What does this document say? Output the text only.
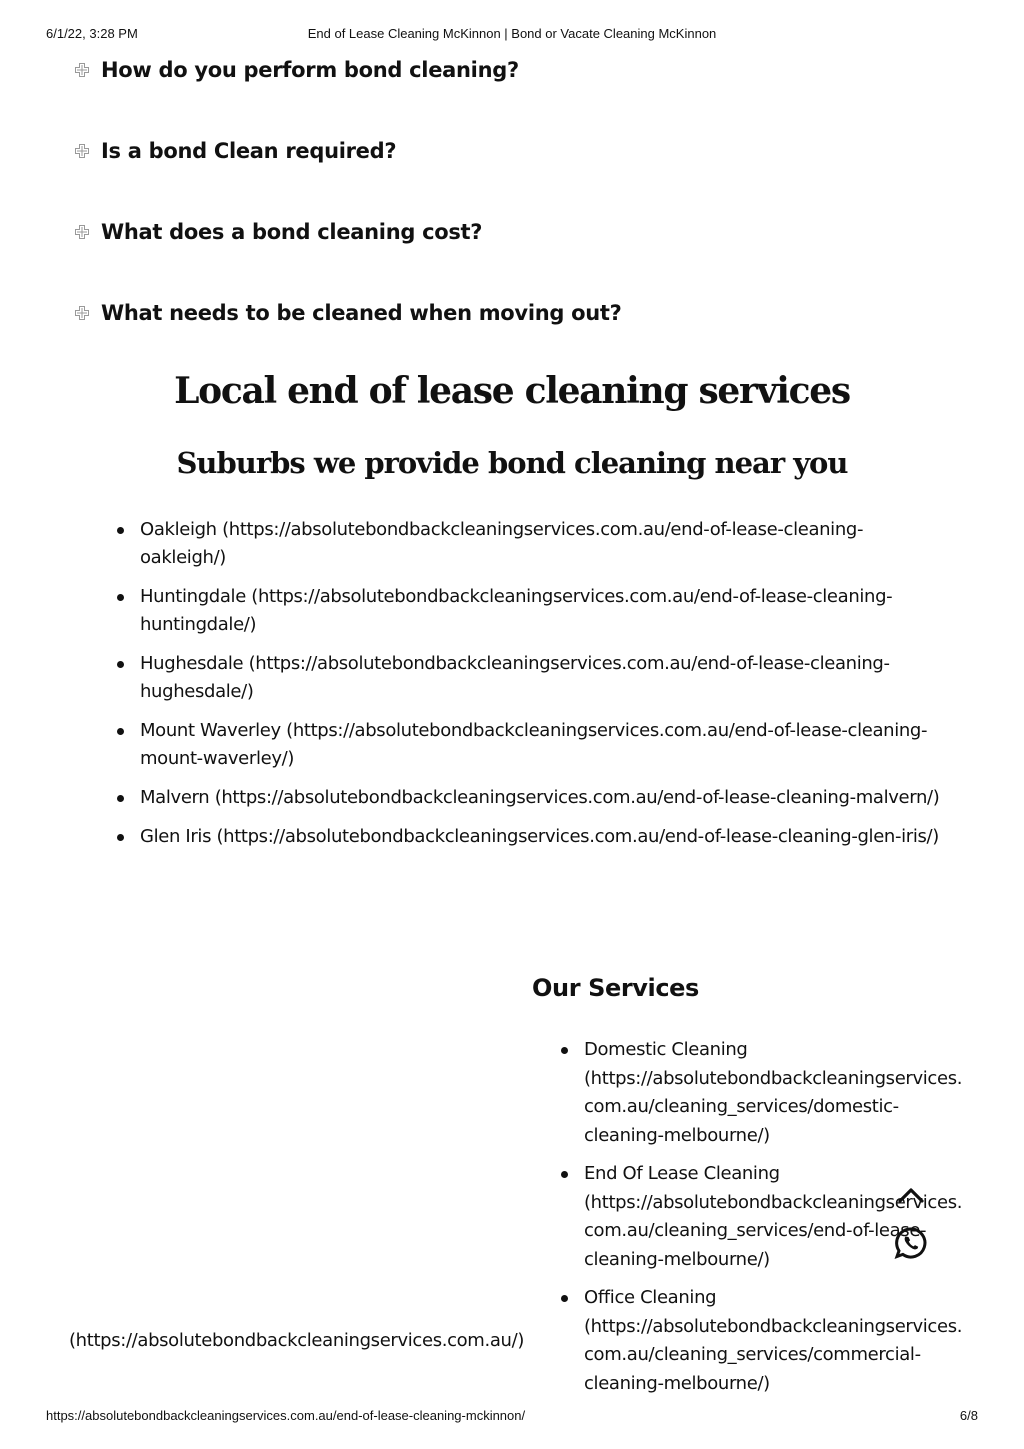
6/1/22, 3:28 PM	End of Lease Cleaning McKinnon | Bond or Vacate Cleaning McKinnon
How do you perform bond cleaning?
Is a bond Clean required?
What does a bond cleaning cost?
What needs to be cleaned when moving out?
Local end of lease cleaning services
Suburbs we provide bond cleaning near you
Oakleigh (https://absolutebondbackcleaningservices.com.au/end-of-lease-cleaning-oakleigh/)
Huntingdale (https://absolutebondbackcleaningservices.com.au/end-of-lease-cleaning-huntingdale/)
Hughesdale (https://absolutebondbackcleaningservices.com.au/end-of-lease-cleaning-hughesdale/)
Mount Waverley (https://absolutebondbackcleaningservices.com.au/end-of-lease-cleaning-mount-waverley/)
Malvern (https://absolutebondbackcleaningservices.com.au/end-of-lease-cleaning-malvern/)
Glen Iris (https://absolutebondbackcleaningservices.com.au/end-of-lease-cleaning-glen-iris/)
Our Services
Domestic Cleaning
(https://absolutebondbackcleaningservices.
com.au/cleaning_services/domestic-
cleaning-melbourne/)
End Of Lease Cleaning
(https://absolutebondbackcleaningservices.
com.au/cleaning_services/end-of-lease-
cleaning-melbourne/)
Office Cleaning
(https://absolutebondbackcleaningservices.
com.au/cleaning_services/commercial-
cleaning-melbourne/)
(https://absolutebondbackcleaningservices.com.au/)
https://absolutebondbackcleaningservices.com.au/end-of-lease-cleaning-mckinnon/	6/8
